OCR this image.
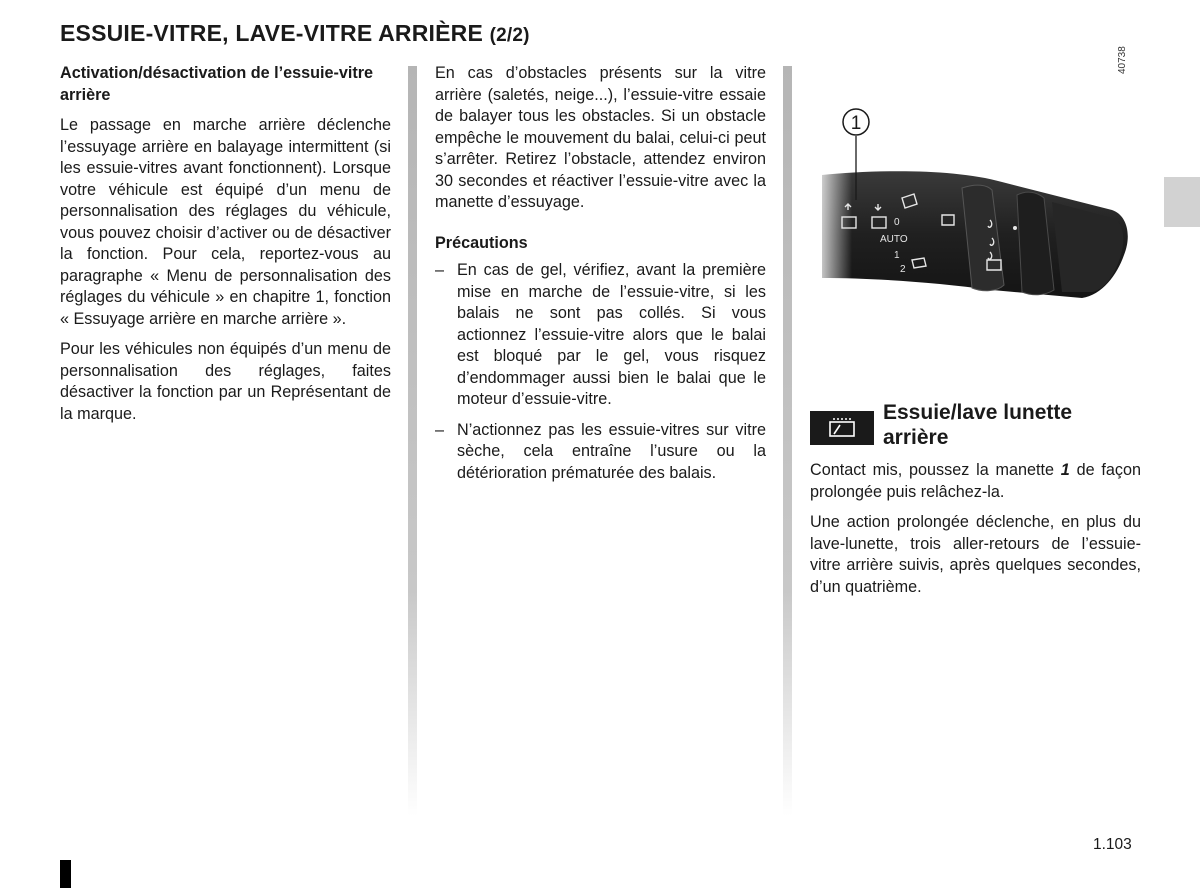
ESSUIE-VITRE, LAVE-VITRE ARRIÈRE (2/2)
Activation/désactivation de l’essuie-vitre arrière

Le passage en marche arrière déclenche l’essuyage arrière en balayage intermittent (si les essuie-vitres avant fonctionnent). Lorsque votre véhicule est équipé d’un menu de personnalisation des réglages du véhicule, vous pouvez choisir d’activer ou de désactiver la fonction. Pour cela, reportez-vous au paragraphe « Menu de personnalisation des réglages du véhicule » en chapitre 1, fonction « Essuyage arrière en marche arrière ».

Pour les véhicules non équipés d’un menu de personnalisation des réglages, faites désactiver la fonction par un Représentant de la marque.

En cas d’obstacles présents sur la vitre arrière (saletés, neige...), l’essuie-vitre essaie de balayer tous les obstacles. Si un obstacle empêche le mouvement du balai, celui-ci peut s’arrêter. Retirez l’obstacle, attendez environ 30 secondes et réactiver l’essuie-vitre avec la manette d’essuyage.

Précautions
– En cas de gel, vérifiez, avant la première mise en marche de l’essuie-vitre, si les balais ne sont pas collés. Si vous actionnez l’essuie-vitre alors que le balai est bloqué par le gel, vous risquez d’endommager aussi bien le balai que le moteur d’essuie-vitre.
– N’actionnez pas les essuie-vitres sur vitre sèche, cela entraîne l’usure ou la détérioration prématurée des balais.
0
AUTO
1
2
1
40738
Essuie/lave lunette arrière

Contact mis, poussez la manette 1 de façon prolongée puis relâchez-la.

Une action prolongée déclenche, en plus du lave-lunette, trois aller-retours de l’essuie-vitre arrière suivis, après quelques secondes, d’un quatrième.

1.103
